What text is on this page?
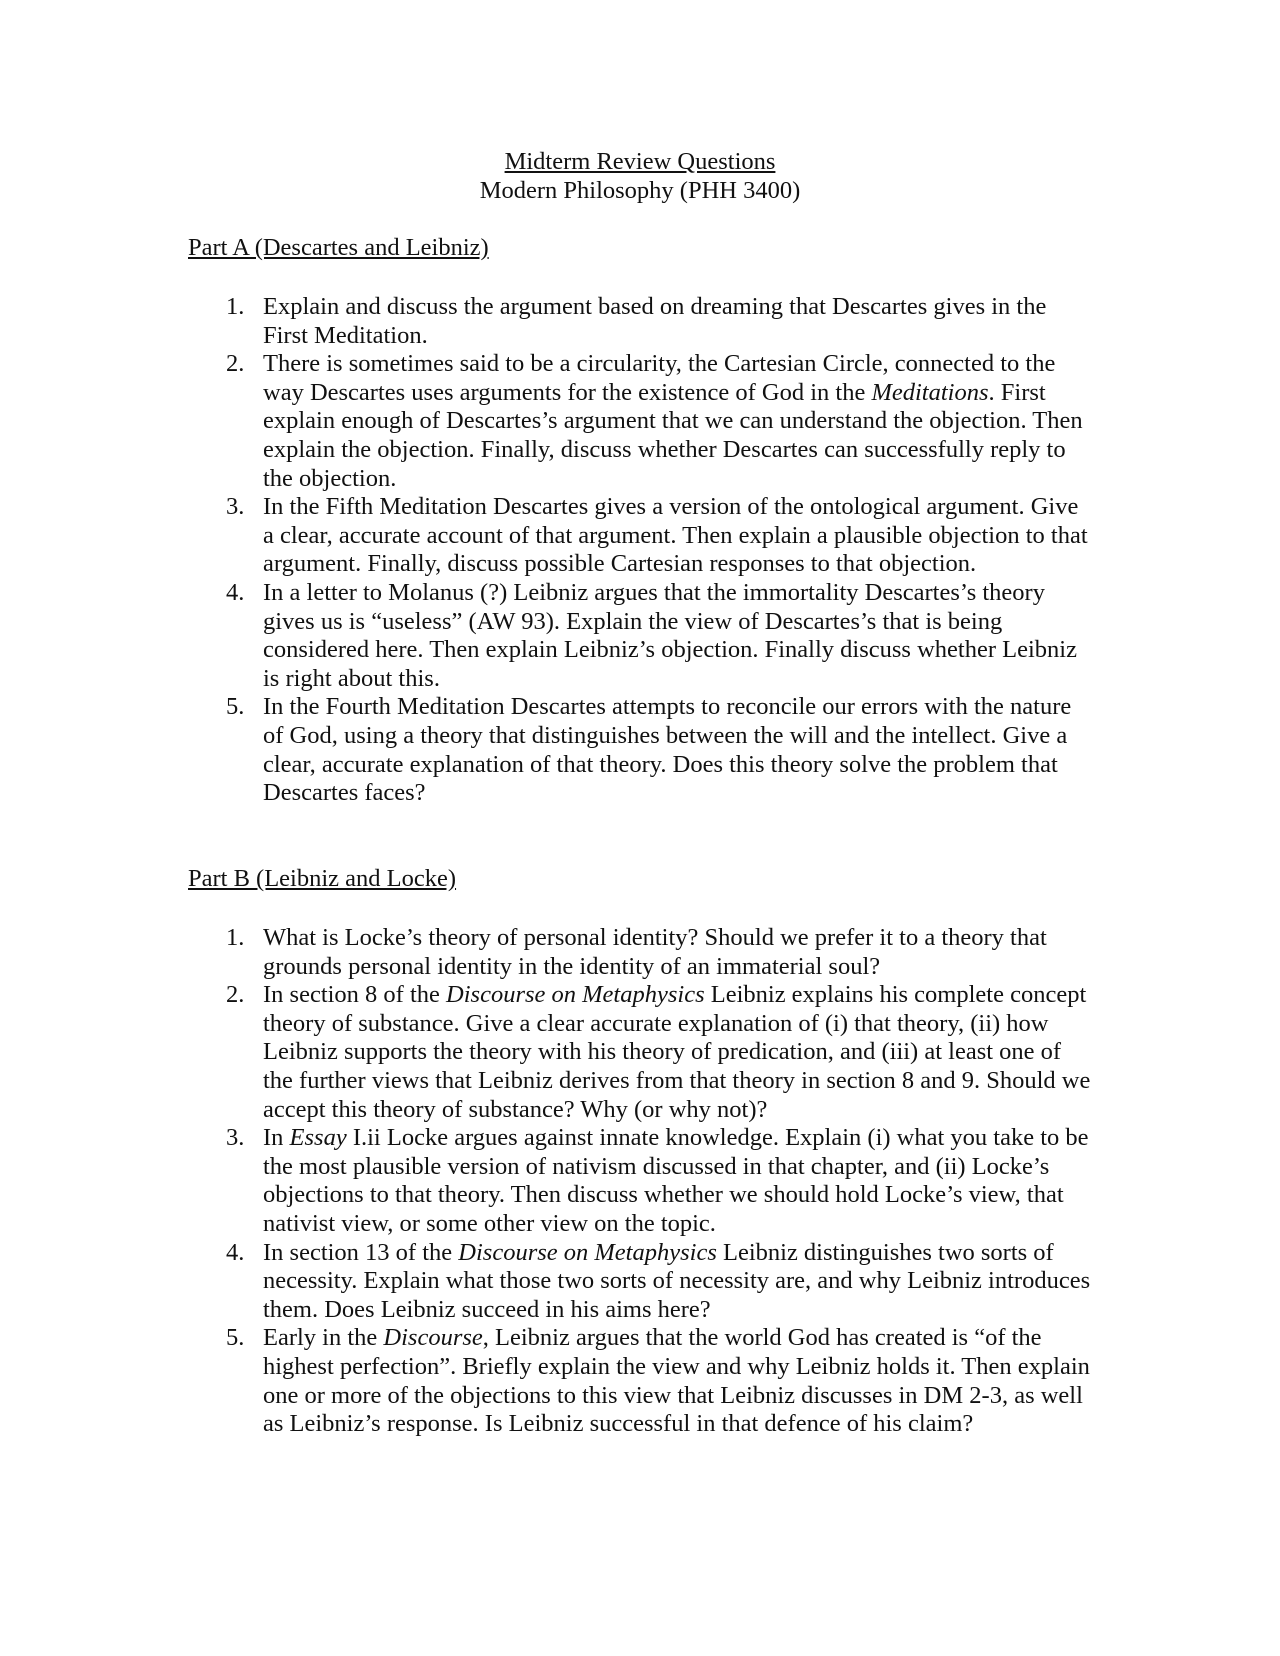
Midterm Review Questions
Modern Philosophy (PHH 3400)
Part A (Descartes and Leibniz)
1. Explain and discuss the argument based on dreaming that Descartes gives in the First Meditation.
2. There is sometimes said to be a circularity, the Cartesian Circle, connected to the way Descartes uses arguments for the existence of God in the Meditations. First explain enough of Descartes’s argument that we can understand the objection. Then explain the objection. Finally, discuss whether Descartes can successfully reply to the objection.
3. In the Fifth Meditation Descartes gives a version of the ontological argument. Give a clear, accurate account of that argument. Then explain a plausible objection to that argument. Finally, discuss possible Cartesian responses to that objection.
4. In a letter to Molanus (?) Leibniz argues that the immortality Descartes’s theory gives us is “useless” (AW 93). Explain the view of Descartes’s that is being considered here. Then explain Leibniz’s objection. Finally discuss whether Leibniz is right about this.
5. In the Fourth Meditation Descartes attempts to reconcile our errors with the nature of God, using a theory that distinguishes between the will and the intellect. Give a clear, accurate explanation of that theory. Does this theory solve the problem that Descartes faces?
Part B (Leibniz and Locke)
1. What is Locke’s theory of personal identity? Should we prefer it to a theory that grounds personal identity in the identity of an immaterial soul?
2. In section 8 of the Discourse on Metaphysics Leibniz explains his complete concept theory of substance. Give a clear accurate explanation of (i) that theory, (ii) how Leibniz supports the theory with his theory of predication, and (iii) at least one of the further views that Leibniz derives from that theory in section 8 and 9. Should we accept this theory of substance? Why (or why not)?
3. In Essay I.ii Locke argues against innate knowledge. Explain (i) what you take to be the most plausible version of nativism discussed in that chapter, and (ii) Locke’s objections to that theory. Then discuss whether we should hold Locke’s view, that nativist view, or some other view on the topic.
4. In section 13 of the Discourse on Metaphysics Leibniz distinguishes two sorts of necessity. Explain what those two sorts of necessity are, and why Leibniz introduces them. Does Leibniz succeed in his aims here?
5. Early in the Discourse, Leibniz argues that the world God has created is “of the highest perfection”. Briefly explain the view and why Leibniz holds it. Then explain one or more of the objections to this view that Leibniz discusses in DM 2-3, as well as Leibniz’s response. Is Leibniz successful in that defence of his claim?
